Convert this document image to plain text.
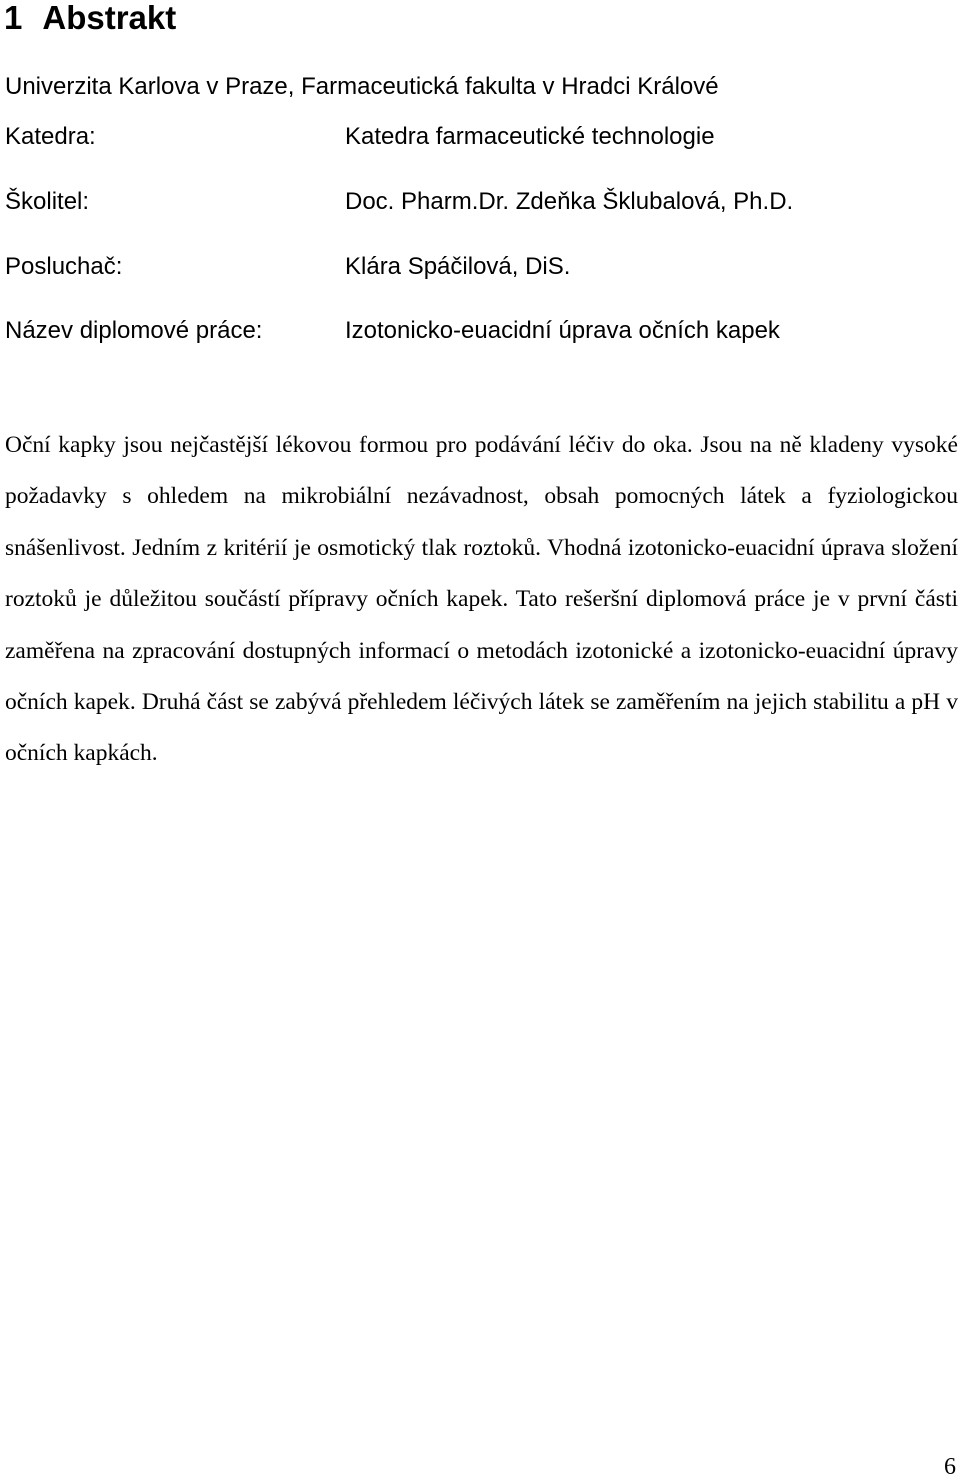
1 Abstrakt
Univerzita Karlova v Praze, Farmaceutická fakulta v Hradci Králové
Katedra:	Katedra farmaceutické technologie
Školitel:	Doc. Pharm.Dr. Zdeňka Šklubalová, Ph.D.
Posluchač:	Klára Spáčilová, DiS.
Název diplomové práce:	Izotonicko-euacidní úprava očních kapek

Oční kapky jsou nejčastější lékovou formou pro podávání léčiv do oka. Jsou na ně kladeny vysoké požadavky s ohledem na mikrobiální nezávadnost, obsah pomocných látek a fyziologickou snášenlivost. Jedním z kritérií je osmotický tlak roztoků. Vhodná izotonicko-euacidní úprava složení roztoků je důležitou součástí přípravy očních kapek. Tato rešeršní diplomová práce je v první části zaměřena na zpracování dostupných informací o metodách izotonické a izotonicko-euacidní úpravy očních kapek. Druhá část se zabývá přehledem léčivých látek se zaměřením na jejich stabilitu a pH v očních kapkách.

6
